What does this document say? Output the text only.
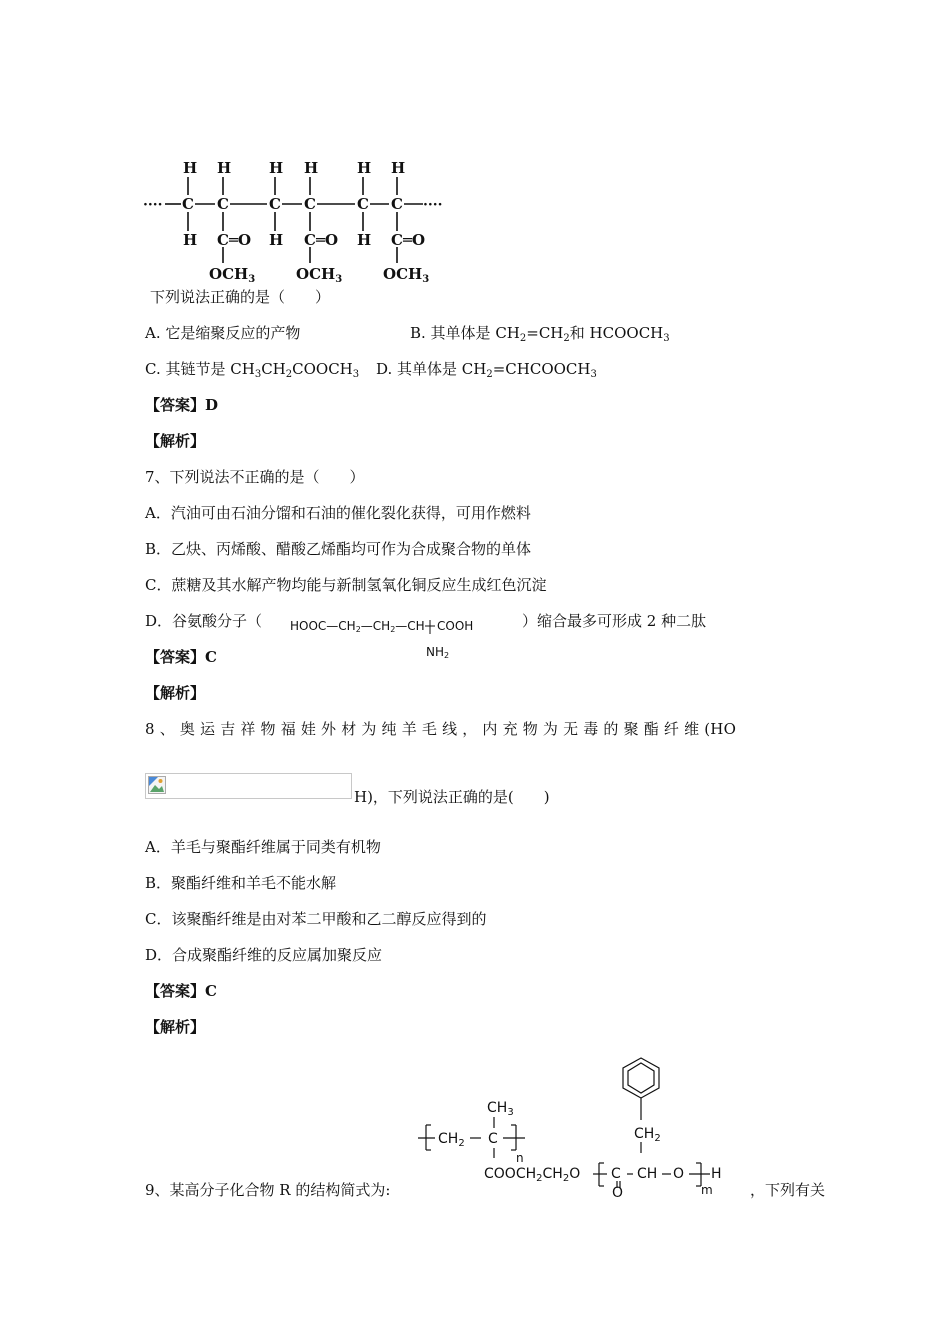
H H	H H	H H
····	····
C C	C C	C C
H C═O H C═O H C═O
$OCH_3$	$OCH_3$	$OCH_3$
下列说法正确的是（　　）
A. 它是缩聚反应的产物	B. 其单体是 $CH_2=CH_2$和 $HCOOCH_3$
C. 其链节是 $CH_3CH_2COOCH_3$ D. 其单体是 $CH_2=CHCOOCH_3$
【答案】D
【解析】
7、下列说法不正确的是（　　）
A．汽油可由石油分馏和石油的催化裂化获得，可用作燃料
B．乙炔、丙烯酸、醋酸乙烯酯均可作为合成聚合物的单体
C．蔗糖及其水解产物均能与新制氢氧化铜反应生成红色沉淀
D．谷氨酸分子（ HOOC—CH2—CH2—CH COOH
NH2
）缩合最多可形成 2 种二肽
【答案】C
【解析】
8 、 奥 运 吉 祥 物 福 娃 外 材 为 纯 羊 毛 线 ， 内 充 物 为 无 毒 的 聚 酯 纤 维 (HO
H)，下列说法正确的是(　　)
A．羊毛与聚酯纤维属于同类有机物
B．聚酯纤维和羊毛不能水解
C．该聚酯纤维是由对苯二甲酸和乙二醇反应得到的
D．合成聚酯纤维的反应属加聚反应
【答案】C
【解析】
$CH_2$
$CH_3$
$CH_2$ C
n
$COOCH_2CH_2O$ C CH O
m
H
O
9、某高分子化合物 R 的结构简式为:	，下列有关
